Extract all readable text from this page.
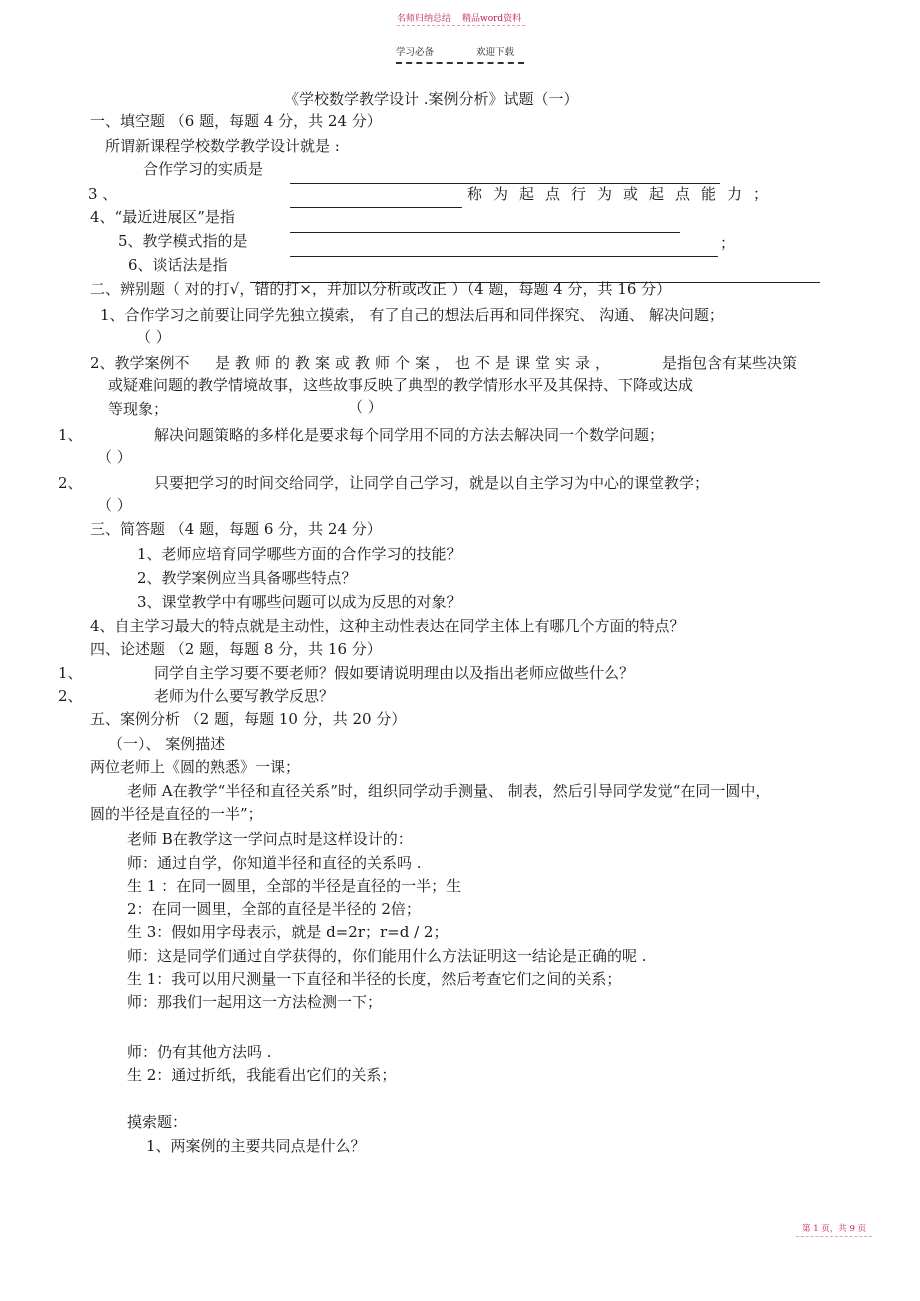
名师归纳总结 精品word资料
学习必备	欢迎下载
《学校数学教学设计 .案例分析》试题（一）
一、填空题 （6 题，每题 4 分，共 24 分）
所谓新课程学校数学教学设计就是 :
合作学习的实质是
3 、	称为起点行为或起点能力；
4、“最近进展区”是指
5、教学模式指的是	；
6、谈话法是指
二、辨别题（ 对的打√，错的打×，并加以分析或改正 ）（4 题，每题 4 分，共 16 分）
1、合作学习之前要让同学先独立摸索， 有了自己的想法后再和同伴探究、 沟通、 解决问题；
（ ）
2、教学案例不 是教师的教案或教师个案，也不是课堂实录，	是指包含有某些决策
或疑难问题的教学情境故事，这些故事反映了典型的教学情形水平及其保持、下降或达成
等现象；	（ ）
1、	解决问题策略的多样化是要求每个同学用不同的方法去解决同一个数学问题；
（ ）
2、	只要把学习的时间交给同学，让同学自己学习，就是以自主学习为中心的课堂教学；
（ ）
三、简答题 （4 题，每题 6 分，共 24 分）
1、老师应培育同学哪些方面的合作学习的技能？
2、教学案例应当具备哪些特点？
3、课堂教学中有哪些问题可以成为反思的对象？
4、自主学习最大的特点就是主动性，这种主动性表达在同学主体上有哪几个方面的特点？
四、论述题 （2 题，每题 8 分，共 16 分）
1、	同学自主学习要不要老师？假如要请说明理由以及指出老师应做些什么？
2、	老师为什么要写教学反思？
五、案例分析 （2 题，每题 10 分，共 20 分）
（一）、 案例描述
两位老师上《圆的熟悉》一课；
老师 A在教学“半径和直径关系”时，组织同学动手测量、 制表，然后引导同学发觉“在同一圆中，
圆的半径是直径的一半”；
老师 B在教学这一学问点时是这样设计的：
师：通过自学，你知道半径和直径的关系吗 .
生 1 ：在同一圆里，全部的半径是直径的一半；生
2：在同一圆里，全部的直径是半径的 2倍；
生 3：假如用字母表示，就是 d=2r；r=d / 2；
师：这是同学们通过自学获得的，你们能用什么方法证明这一结论是正确的呢 .
生 1：我可以用尺测量一下直径和半径的长度，然后考查它们之间的关系；
师：那我们一起用这一方法检测一下；
师：仍有其他方法吗 .
生 2：通过折纸，我能看出它们的关系；
摸索题：
1、两案例的主要共同点是什么？
第 1 页，共 9 页
